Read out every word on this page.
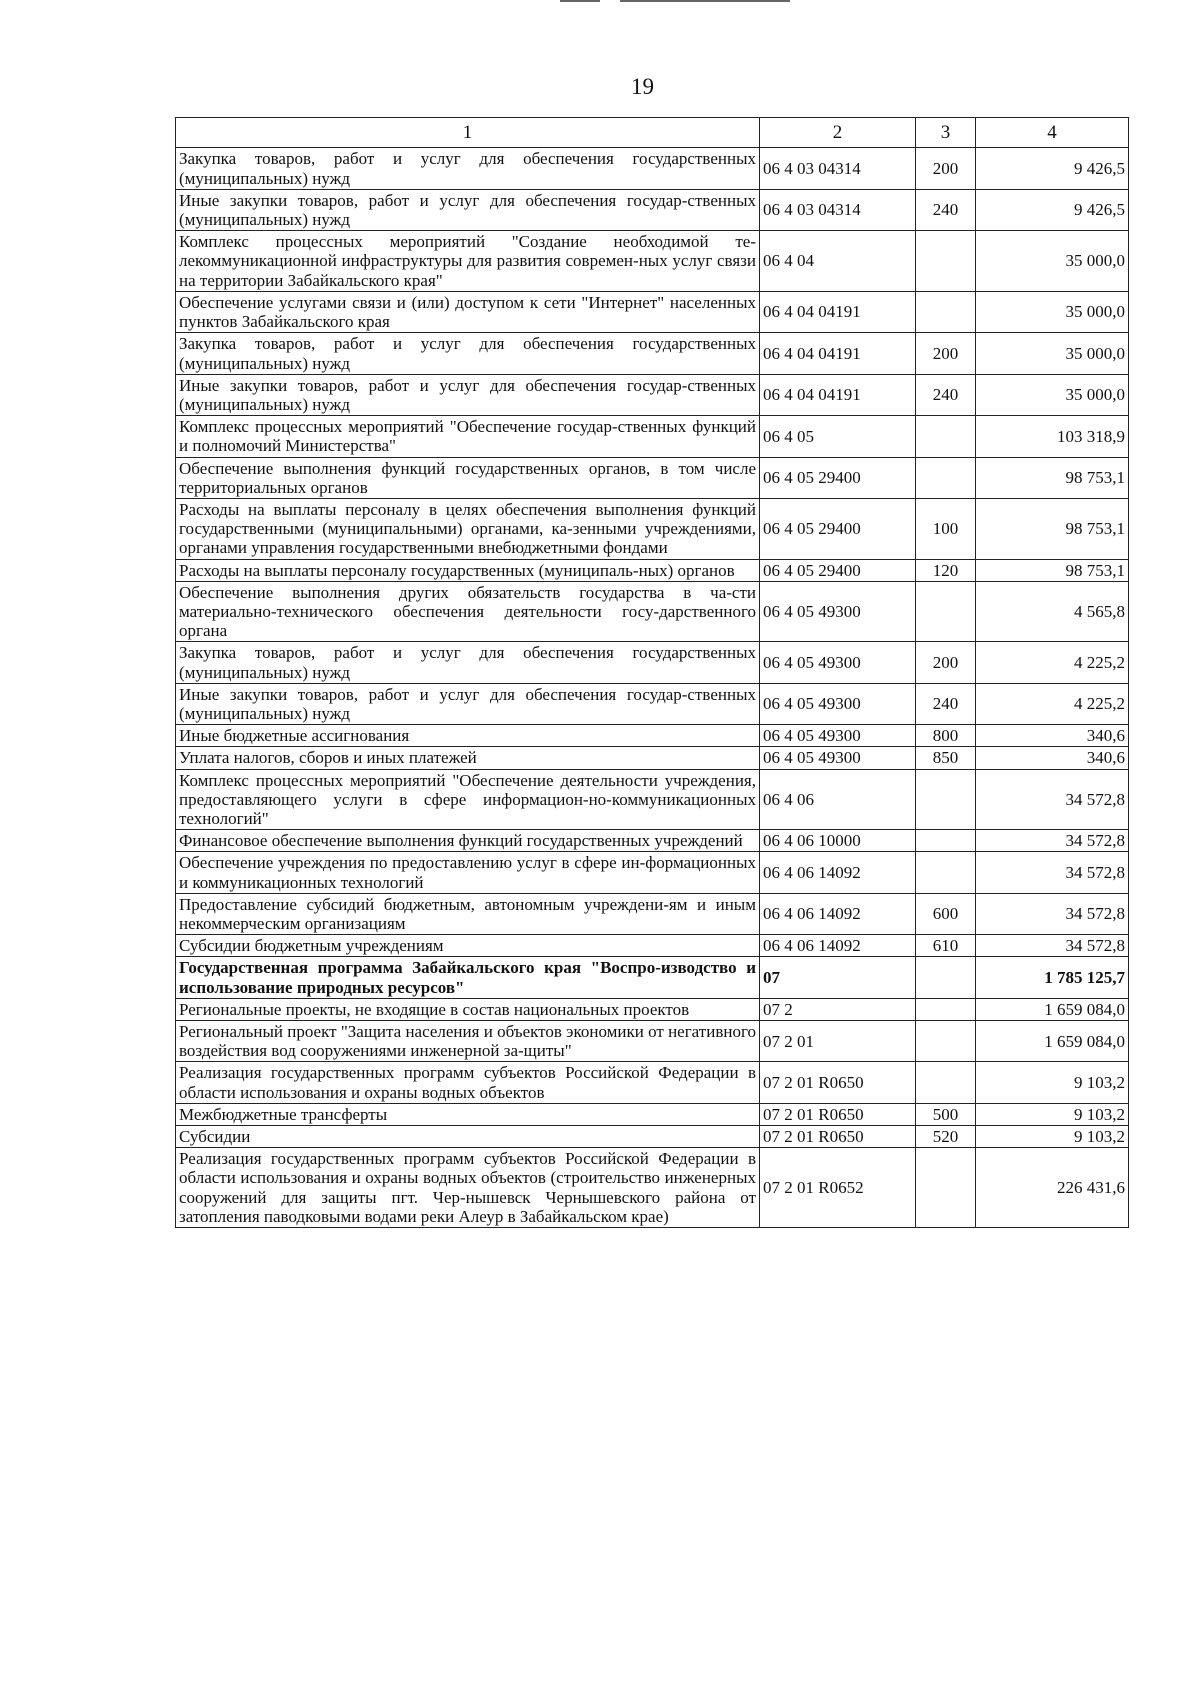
19
1	2	3	4
Закупка товаров, работ и услуг для обеспечения государственных (муниципальных) нужд	06 4 03 04314	200	9 426,5
Иные закупки товаров, работ и услуг для обеспечения государ-ственных (муниципальных) нужд	06 4 03 04314	240	9 426,5
Комплекс процессных мероприятий "Создание необходимой те-лекоммуникационной инфраструктуры для развития современ-ных услуг связи на территории Забайкальского края"	06 4 04		35 000,0
Обеспечение услугами связи и (или) доступом к сети "Интернет" населенных пунктов Забайкальского края	06 4 04 04191		35 000,0
Закупка товаров, работ и услуг для обеспечения государственных (муниципальных) нужд	06 4 04 04191	200	35 000,0
Иные закупки товаров, работ и услуг для обеспечения государ-ственных (муниципальных) нужд	06 4 04 04191	240	35 000,0
Комплекс процессных мероприятий "Обеспечение государ-ственных функций и полномочий Министерства"	06 4 05		103 318,9
Обеспечение выполнения функций государственных органов, в том числе территориальных органов	06 4 05 29400		98 753,1
Расходы на выплаты персоналу в целях обеспечения выполнения функций государственными (муниципальными) органами, ка-зенными учреждениями, органами управления государственными внебюджетными фондами	06 4 05 29400	100	98 753,1
Расходы на выплаты персоналу государственных (муниципаль-ных) органов	06 4 05 29400	120	98 753,1
Обеспечение выполнения других обязательств государства в ча-сти материально-технического обеспечения деятельности госу-дарственного органа	06 4 05 49300		4 565,8
Закупка товаров, работ и услуг для обеспечения государственных (муниципальных) нужд	06 4 05 49300	200	4 225,2
Иные закупки товаров, работ и услуг для обеспечения государ-ственных (муниципальных) нужд	06 4 05 49300	240	4 225,2
Иные бюджетные ассигнования	06 4 05 49300	800	340,6
Уплата налогов, сборов и иных платежей	06 4 05 49300	850	340,6
Комплекс процессных мероприятий "Обеспечение деятельности учреждения, предоставляющего услуги в сфере информацион-но-коммуникационных технологий"	06 4 06		34 572,8
Финансовое обеспечение выполнения функций государственных учреждений	06 4 06 10000		34 572,8
Обеспечение учреждения по предоставлению услуг в сфере ин-формационных и коммуникационных технологий	06 4 06 14092		34 572,8
Предоставление субсидий бюджетным, автономным учреждени-ям и иным некоммерческим организациям	06 4 06 14092	600	34 572,8
Субсидии бюджетным учреждениям	06 4 06 14092	610	34 572,8
Государственная программа Забайкальского края "Воспро-изводство и использование природных ресурсов"	07		1 785 125,7
Региональные проекты, не входящие в состав национальных проектов	07 2		1 659 084,0
Региональный проект "Защита населения и объектов экономики от негативного воздействия вод сооружениями инженерной за-щиты"	07 2 01		1 659 084,0
Реализация государственных программ субъектов Российской Федерации в области использования и охраны водных объектов	07 2 01 R0650		9 103,2
Межбюджетные трансферты	07 2 01 R0650	500	9 103,2
Субсидии	07 2 01 R0650	520	9 103,2
Реализация государственных программ субъектов Российской Федерации в области использования и охраны водных объектов (строительство инженерных сооружений для защиты пгт. Чер-нышевск Чернышевского района от затопления паводковыми водами реки Алеур в Забайкальском крае)	07 2 01 R0652		226 431,6
